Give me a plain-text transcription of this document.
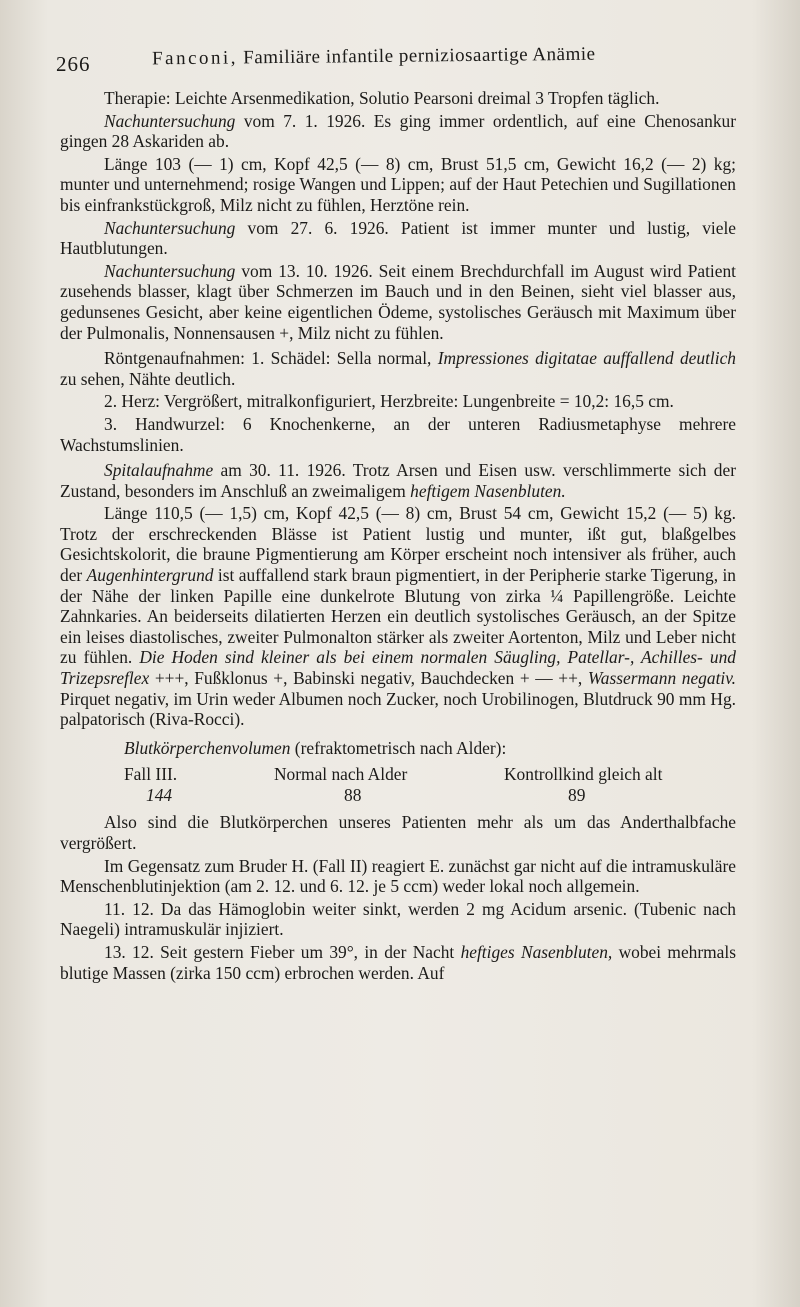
266	Fanconi, Familiäre infantile perniziosaartige Anämie

Therapie: Leichte Arsenmedikation, Solutio Pearsoni dreimal 3 Tropfen täglich.

Nachuntersuchung vom 7. 1. 1926. Es ging immer ordentlich, auf eine Chenosankur gingen 28 Askariden ab.

Länge 103 (— 1) cm, Kopf 42,5 (— 8) cm, Brust 51,5 cm, Gewicht 16,2 (— 2) kg; munter und unternehmend; rosige Wangen und Lippen; auf der Haut Petechien und Sugillationen bis einfrankstückgroß, Milz nicht zu fühlen, Herztöne rein.

Nachuntersuchung vom 27. 6. 1926. Patient ist immer munter und lustig, viele Hautblutungen.

Nachuntersuchung vom 13. 10. 1926. Seit einem Brechdurchfall im August wird Patient zusehends blasser, klagt über Schmerzen im Bauch und in den Beinen, sieht viel blasser aus, gedunsenes Gesicht, aber keine eigentlichen Ödeme, systolisches Geräusch mit Maximum über der Pulmonalis, Nonnensausen +, Milz nicht zu fühlen.

Röntgenaufnahmen: 1. Schädel: Sella normal, Impressiones digitatae auffallend deutlich zu sehen, Nähte deutlich.

2. Herz: Vergrößert, mitralkonfiguriert, Herzbreite: Lungenbreite = 10,2: 16,5 cm.

3. Handwurzel: 6 Knochenkerne, an der unteren Radiusmetaphyse mehrere Wachstumslinien.

Spitalaufnahme am 30. 11. 1926. Trotz Arsen und Eisen usw. verschlimmerte sich der Zustand, besonders im Anschluß an zweimaligem heftigem Nasenbluten.

Länge 110,5 (— 1,5) cm, Kopf 42,5 (— 8) cm, Brust 54 cm, Gewicht 15,2 (— 5) kg. Trotz der erschreckenden Blässe ist Patient lustig und munter, ißt gut, blaßgelbes Gesichtskolorit, die braune Pigmentierung am Körper erscheint noch intensiver als früher, auch der Augenhintergrund ist auffallend stark braun pigmentiert, in der Peripherie starke Tigerung, in der Nähe der linken Papille eine dunkelrote Blutung von zirka ¼ Papillengröße. Leichte Zahnkaries. An beiderseits dilatierten Herzen ein deutlich systolisches Geräusch, an der Spitze ein leises diastolisches, zweiter Pulmonalton stärker als zweiter Aortenton, Milz und Leber nicht zu fühlen. Die Hoden sind kleiner als bei einem normalen Säugling, Patellar-, Achilles- und Trizepsreflex +++, Fußklonus +, Babinski negativ, Bauchdecken + — ++, Wassermann negativ. Pirquet negativ, im Urin weder Albumen noch Zucker, noch Urobilinogen, Blutdruck 90 mm Hg. palpatorisch (Riva-Rocci).

Blutkörperchenvolumen (refraktometrisch nach Alder):
Fall III.	Normal nach Alder	Kontrollkind gleich alt
144	88	89

Also sind die Blutkörperchen unseres Patienten mehr als um das Anderthalbfache vergrößert.

Im Gegensatz zum Bruder H. (Fall II) reagiert E. zunächst gar nicht auf die intramuskuläre Menschenblutinjektion (am 2. 12. und 6. 12. je 5 ccm) weder lokal noch allgemein.

11. 12. Da das Hämoglobin weiter sinkt, werden 2 mg Acidum arsenic. (Tubenic nach Naegeli) intramuskulär injiziert.

13. 12. Seit gestern Fieber um 39°, in der Nacht heftiges Nasenbluten, wobei mehrmals blutige Massen (zirka 150 ccm) erbrochen werden. Auf
